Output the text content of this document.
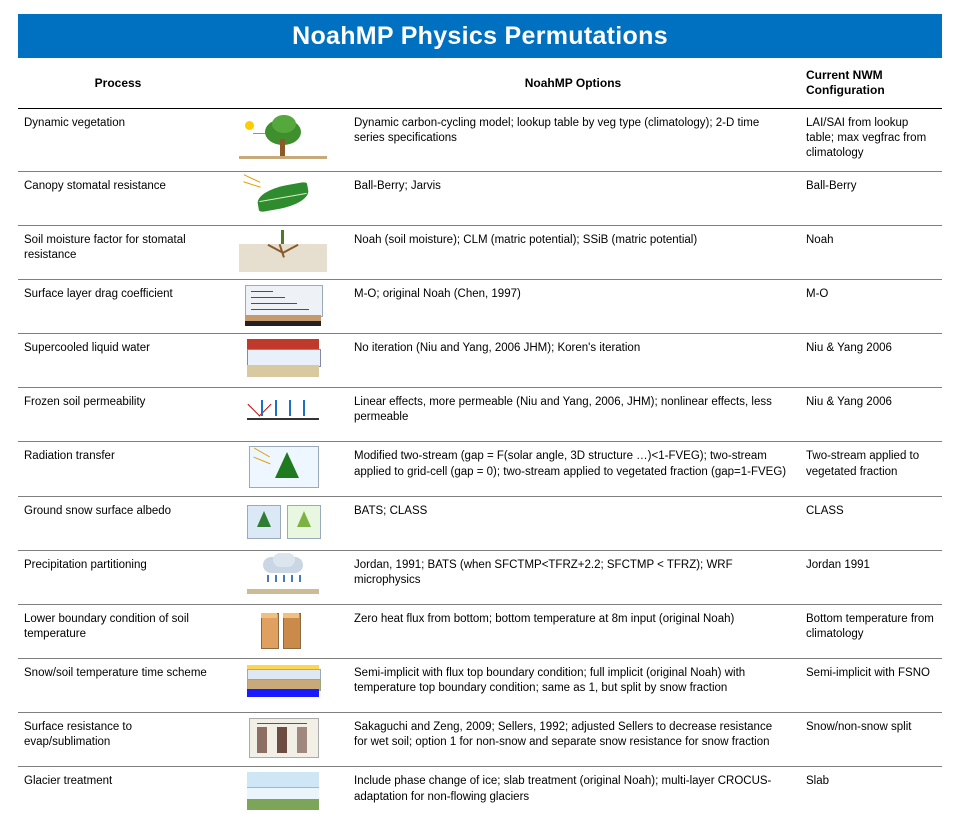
NoahMP Physics Permutations
Process		NoahMP Options	Current NWM Configuration
Dynamic vegetation		Dynamic carbon-cycling model; lookup table by veg type (climatology); 2-D time series specifications	LAI/SAI from lookup table; max vegfrac from climatology
Canopy stomatal resistance		Ball-Berry; Jarvis	Ball-Berry
Soil moisture factor for stomatal resistance		Noah (soil moisture); CLM (matric potential); SSiB (matric potential)	Noah
Surface layer drag coefficient		M-O; original Noah (Chen, 1997)	M-O
Supercooled liquid water		No iteration (Niu and Yang, 2006 JHM); Koren's iteration	Niu & Yang 2006
Frozen soil permeability		Linear effects, more permeable (Niu and Yang, 2006, JHM); nonlinear effects, less permeable	Niu & Yang 2006
Radiation transfer		Modified two-stream (gap = F(solar angle, 3D structure …)<1-FVEG); two-stream applied to grid-cell (gap = 0); two-stream applied to vegetated fraction (gap=1-FVEG)	Two-stream applied to vegetated fraction
Ground snow surface albedo		BATS; CLASS	CLASS
Precipitation partitioning		Jordan, 1991; BATS (when SFCTMP<TFRZ+2.2; SFCTMP < TFRZ); WRF microphysics	Jordan 1991
Lower boundary condition of soil temperature		Zero heat flux from bottom; bottom temperature at 8m input (original Noah)	Bottom temperature from climatology
Snow/soil temperature time scheme		Semi-implicit with flux top boundary condition; full implicit (original Noah) with temperature top boundary condition; same as 1, but split by snow fraction	Semi-implicit with FSNO
Surface resistance to evap/sublimation		Sakaguchi and Zeng, 2009; Sellers, 1992; adjusted Sellers to decrease resistance for wet soil; option 1 for non-snow and separate snow resistance for snow fraction	Snow/non-snow split
Glacier treatment		Include phase change of ice; slab treatment (original Noah); multi-layer CROCUS-adaptation for non-flowing glaciers	Slab
